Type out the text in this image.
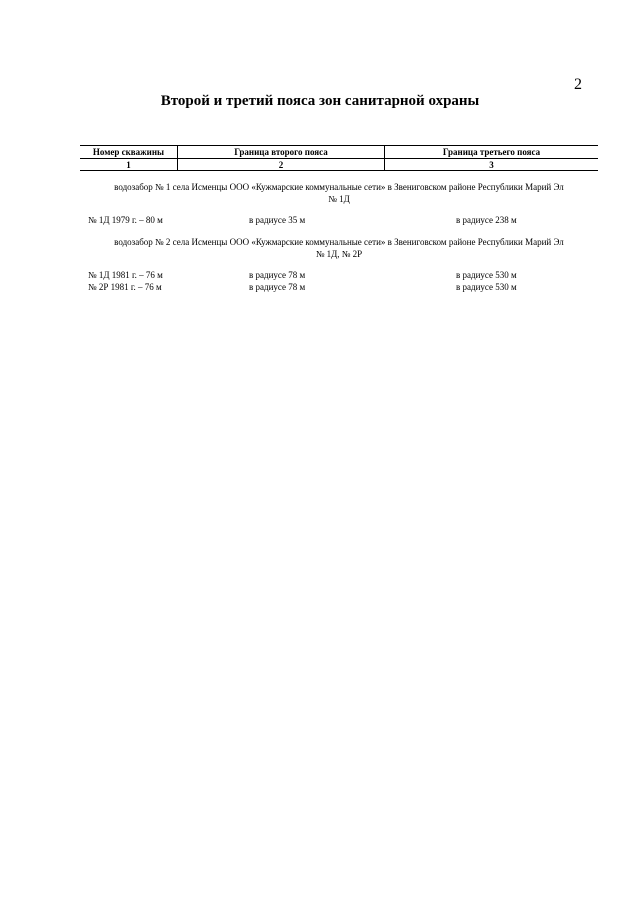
2
Второй и третий пояса зон санитарной охраны
Номер скважины	Граница второго пояса	Граница третьего пояса
1	2	3
водозабор № 1 села Исменцы ООО «Кужмарские коммунальные сети» в Звениговском районе Республики Марий Эл
№ 1Д
№ 1Д 1979 г. – 80 м	в радиусе 35 м	в радиусе 238 м
водозабор № 2 села Исменцы ООО «Кужмарские коммунальные сети» в Звениговском районе Республики Марий Эл
№ 1Д, № 2Р
№ 1Д 1981 г. – 76 м	в радиусе 78 м	в радиусе 530 м
№ 2Р 1981 г. – 76 м	в радиусе 78 м	в радиусе 530 м
